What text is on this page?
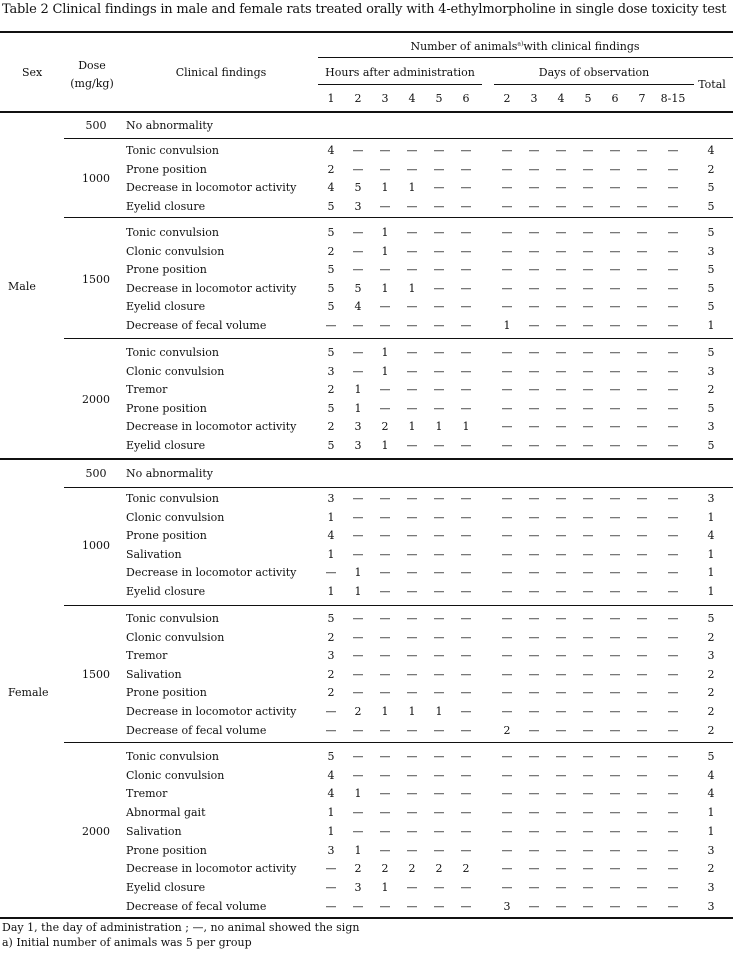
Table 2 Clinical findings in male and female rats treated orally with 4-ethylmorpholine in single dose toxicity test
Sex
Dose
(mg/kg)
Clinical findings
Number of animals$^{a)}$with clinical findings
Hours after administration	Days of observation
Total
1 2 3 4 5 6	2 3 4 5 6 7 8-15
500 No abnormality
1000
Tonic convulsion	4 — — — — —	— — — — — — —	4
Prone position	2 — — — — —	— — — — — — —	2
Decrease in locomotor activity	4 5 1 1 — —	— — — — — — —	5
Eyelid closure	5 3 — — — —	— — — — — — —	5
1500
Tonic convulsion	5 — 1 — — —	— — — — — — —	5
Clonic convulsion	2 — 1 — — —	— — — — — — —	3
Prone position	5 — — — — —	— — — — — — —	5
Decrease in locomotor activity	5 5 1 1 — —	— — — — — — —	5
Eyelid closure	5 4 — — — —	— — — — — — —	5
Decrease of fecal volume	— — — — — —	1 — — — — — —	1
2000
Tonic convulsion	5 — 1 — — —	— — — — — — —	5
Clonic convulsion	3 — 1 — — —	— — — — — — —	3
Tremor	2 1 — — — —	— — — — — — —	2
Prone position	5 1 — — — —	— — — — — — —	5
Decrease in locomotor activity	2 3 2 1 1 1	— — — — — — —	3
Eyelid closure	5 3 1 — — —	— — — — — — —	5
500 No abnormality
1000
Tonic convulsion	3 — — — — —	— — — — — — —	3
Clonic convulsion	1 — — — — —	— — — — — — —	1
Prone position	4 — — — — —	— — — — — — —	4
Salivation	1 — — — — —	— — — — — — —	1
Decrease in locomotor activity	— 1 — — — —	— — — — — — —	1
Eyelid closure	1 1 — — — —	— — — — — — —	1
1500
Tonic convulsion	5 — — — — —	— — — — — — —	5
Clonic convulsion	2 — — — — —	— — — — — — —	2
Tremor	3 — — — — —	— — — — — — —	3
Salivation	2 — — — — —	— — — — — — —	2
Prone position	2 — — — — —	— — — — — — —	2
Decrease in locomotor activity	— 2 1 1 1 —	— — — — — — —	2
Decrease of fecal volume	— — — — — —	2 — — — — — —	2
2000
Tonic convulsion	5 — — — — —	— — — — — — —	5
Clonic convulsion	4 — — — — —	— — — — — — —	4
Tremor	4 1 — — — —	— — — — — — —	4
Abnormal gait	1 — — — — —	— — — — — — —	1
Salivation	1 — — — — —	— — — — — — —	1
Prone position	3 1 — — — —	— — — — — — —	3
Decrease in locomotor activity	— 2 2 2 2 2	— — — — — — —	2
Eyelid closure	— 3 1 — — —	— — — — — — —	3
Decrease of fecal volume	— — — — — —	3 — — — — — —	3
Male
Female
Day 1, the day of administration ; —, no animal showed the sign
a) Initial number of animals was 5 per group
